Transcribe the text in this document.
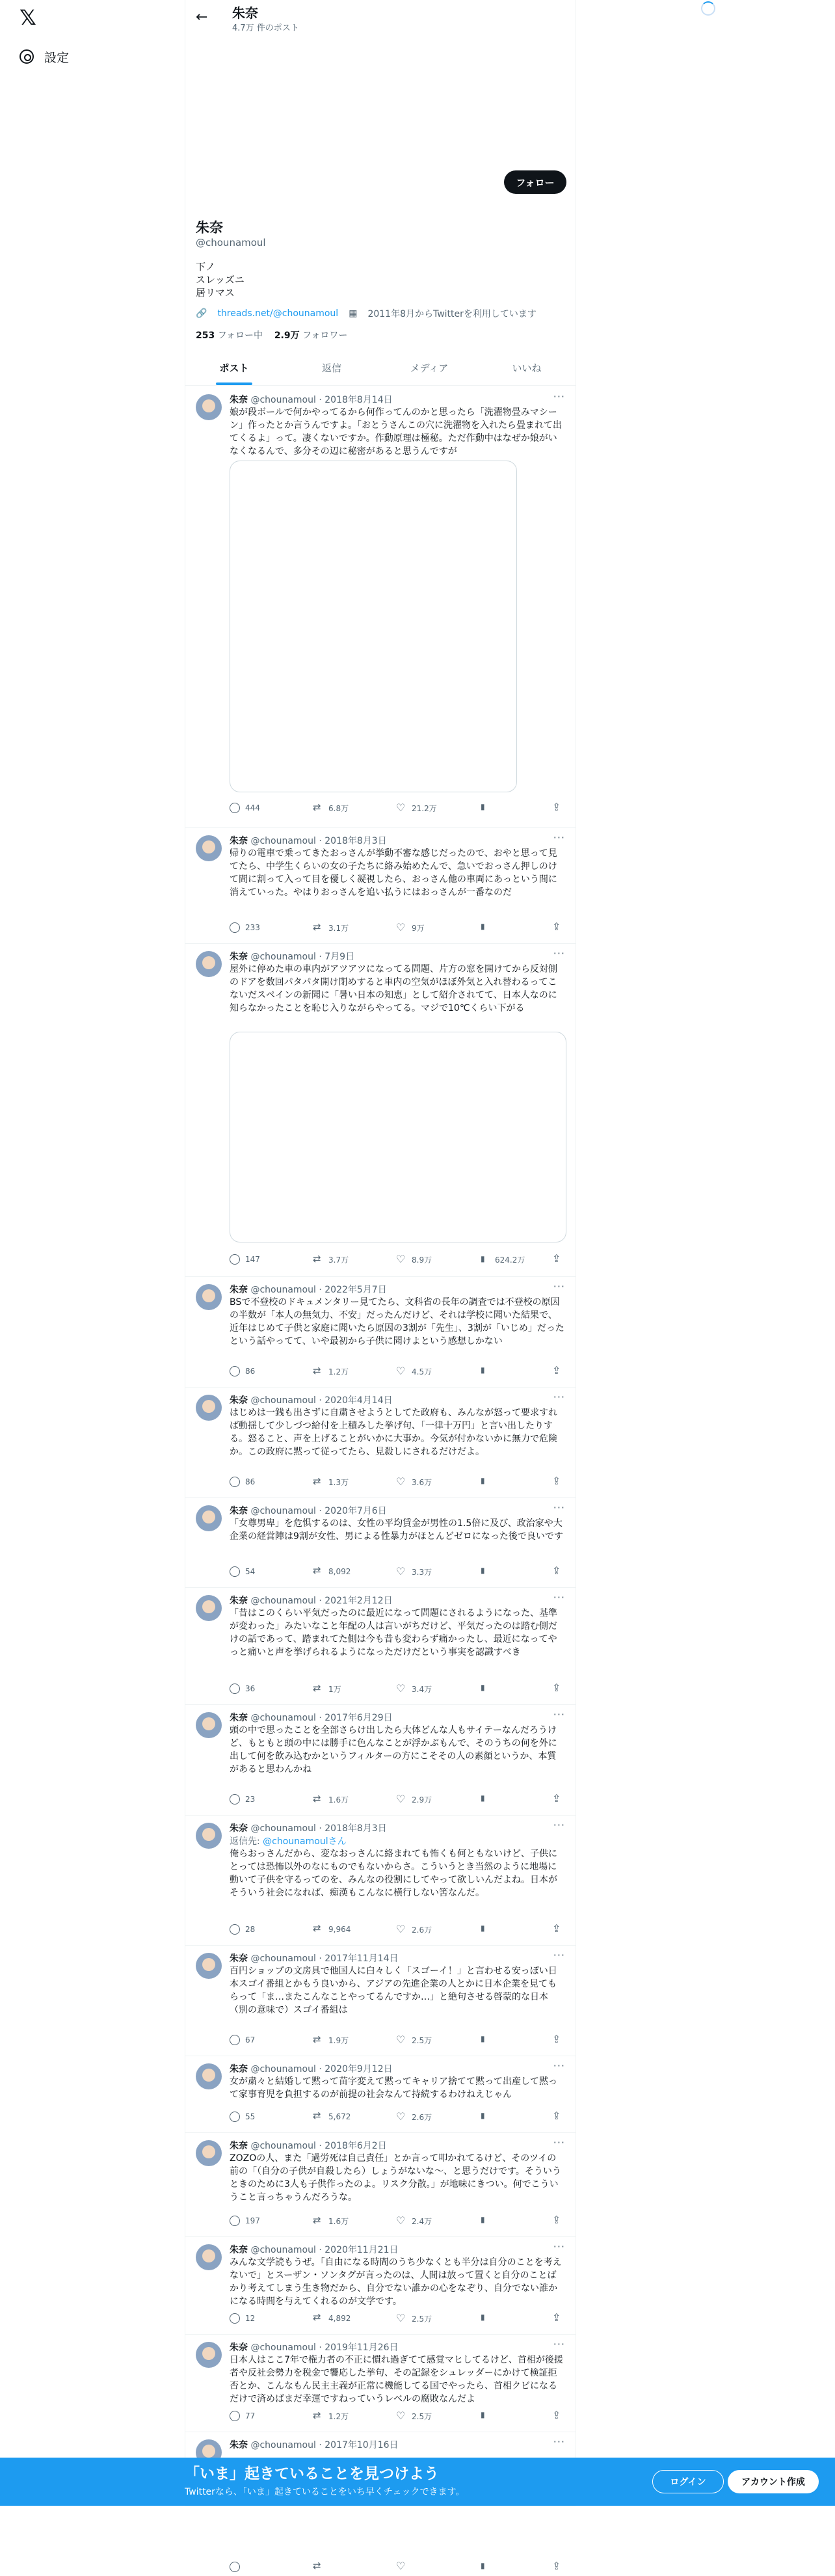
𝕏
設定
← 朱奈
4.7万 件のポスト
フォロー
朱奈
@chounamoul
下ノ
スレッズニ
居リマス
🔗 threads.net/@chounamoul ▦ 2011年8月からTwitterを利用しています
253 フォロー中 2.9万 フォロワー
ポスト	返信	メディア	いいね
朱奈 @chounamoul · 2018年8月14日	···
娘が段ボールで何かやってるから何作ってんのかと思ったら「洗濯物畳みマシーン」作ったとか言うんですよ。「おとうさんこの穴に洗濯物を入れたら畳まれて出てくるよ」って。凄くないですか。作動原理は極秘。ただ作動中はなぜか娘がいなくなるんで、多分その辺に秘密があると思うんですが
444 ⇄	6.8万 ♡	21.2万
▮
⇪
朱奈 @chounamoul · 2018年8月3日	···
帰りの電車で乗ってきたおっさんが挙動不審な感じだったので、おやと思って見てたら、中学生くらいの女の子たちに絡み始めたんで、急いでおっさん押しのけて間に割って入って目を優しく凝視したら、おっさん他の車両にあっという間に消えていった。やはりおっさんを追い払うにはおっさんが一番なのだ
233 ⇄	3.1万 ♡	9万
▮
⇪
朱奈 @chounamoul · 7月9日	···
屋外に停めた車の車内がアツアツになってる問題、片方の窓を開けてから反対側のドアを数回パタパタ開け閉めすると車内の空気がほぼ外気と入れ替わるってこないだスペインの新聞に「暑い日本の知恵」として紹介されてて、日本人なのに知らなかったことを恥じ入りながらやってる。マジで10℃くらい下がる
147 ⇄	3.7万 ♡	8.9万 ▮	624.2万
⇪
朱奈 @chounamoul · 2022年5月7日	···
BSで不登校のドキュメンタリー見てたら、文科省の長年の調査では不登校の原因の半数が「本人の無気力、不安」だったんだけど、それは学校に聞いた結果で、近年はじめて子供と家庭に聞いたら原因の3割が「先生」、3割が「いじめ」だったという話やってて、いや最初から子供に聞けよという感想しかない
86 ⇄	1.2万 ♡	4.5万
▮
⇪
朱奈 @chounamoul · 2020年4月14日	···
はじめは一銭も出さずに自粛させようとしてた政府も、みんなが怒って要求すれば動揺して少しづつ給付を上積みした挙げ句、「一律十万円」と言い出したりする。怒ること、声を上げることがいかに大事か。今気が付かないかに無力で危険か。この政府に黙って従ってたら、見殺しにされるだけだよ。
86 ⇄	1.3万 ♡	3.6万
▮
⇪
朱奈 @chounamoul · 2020年7月6日	···
「女尊男卑」を危惧するのは、女性の平均賃金が男性の1.5倍に及び、政治家や大企業の経営陣は9割が女性、男による性暴力がほとんどゼロになった後で良いです
54 ⇄	8,092 ♡	3.3万
▮
⇪
朱奈 @chounamoul · 2021年2月12日	···
「昔はこのくらい平気だったのに最近になって問題にされるようになった、基準が変わった」みたいなこと年配の人は言いがちだけど、平気だったのは踏む側だけの話であって、踏まれてた側は今も昔も変わらず痛かったし、最近になってやっと痛いと声を挙げられるようになっただけだという事実を認識すべき
36 ⇄	1万 ♡	3.4万
▮
⇪
朱奈 @chounamoul · 2017年6月29日	···
頭の中で思ったことを全部さらけ出したら大体どんな人もサイテーなんだろうけど、もともと頭の中には勝手に色んなことが浮かぶもんで、そのうちの何を外に出して何を飲み込むかというフィルターの方にこそその人の素顔というか、本質があると思わんかね
23 ⇄	1.6万 ♡	2.9万
▮
⇪
朱奈 @chounamoul · 2018年8月3日	···
返信先: @chounamoulさん
俺らおっさんだから、変なおっさんに絡まれても怖くも何ともないけど、子供にとっては恐怖以外のなにものでもないからさ。こういうとき当然のように地場に動いて子供を守るってのを、みんなの役割にしてやって欲しいんだよね。日本がそういう社会になれば、痴漢もこんなに横行しない筈なんだ。
28 ⇄	9,964 ♡	2.6万
▮
⇪
朱奈 @chounamoul · 2017年11月14日	···
百円ショップの文房具で他国人に白々しく「スゴーイ！」と言わせる安っぽい日本スゴイ番組とかもう良いから、アジアの先進企業の人とかに日本企業を見てもらって「ま…またこんなことやってるんですか…」と絶句させる啓蒙的な日本（別の意味で）スゴイ番組は
67 ⇄	1.9万 ♡	2.5万
▮
⇪
朱奈 @chounamoul · 2020年9月12日	···
女が粛々と結婚して黙って苗字変えて黙ってキャリア捨てて黙って出産して黙って家事育児を負担するのが前提の社会なんて持続するわけねえじゃん
55 ⇄	5,672 ♡	2.6万
▮
⇪
朱奈 @chounamoul · 2018年6月2日	···
ZOZOの人、また「過労死は自己責任」とか言って叩かれてるけど、そのツイの前の「（自分の子供が自殺したら）しょうがないな〜、と思うだけです。そういうときのために3人も子供作ったのよ。リスク分散。」が地味にきつい。何でこういうこと言っちゃうんだろうな。
197 ⇄	1.6万 ♡	2.4万
▮
⇪
朱奈 @chounamoul · 2020年11月21日	···
みんな文学読もうぜ。「自由になる時間のうち少なくとも半分は自分のことを考えないで」とスーザン・ソンタグが言ったのは、人間は放って置くと自分のことばかり考えてしまう生き物だから、自分でない誰かの心をなぞり、自分でない誰かになる時間を与えてくれるのが文学です。
12 ⇄	4,892 ♡	2.5万
▮
⇪
朱奈 @chounamoul · 2019年11月26日	···
日本人はここ7年で権力者の不正に慣れ過ぎてて感覚マヒしてるけど、首相が後援者や反社会勢力を税金で饗応した挙句、その記録をシュレッダーにかけて検証拒否とか、こんなもん民主主義が正常に機能してる国でやったら、首相クビになるだけで済めばまだ幸運ですねっていうレベルの腐敗なんだよ
77 ⇄	1.2万 ♡	2.5万
▮
⇪
朱奈 @chounamoul · 2017年10月16日	···
⇄
♡
▮
⇪
「いま」起きていることを見つけよう
Twitterなら、「いま」起きていることをいち早くチェックできます。
ログイン	アカウント作成
